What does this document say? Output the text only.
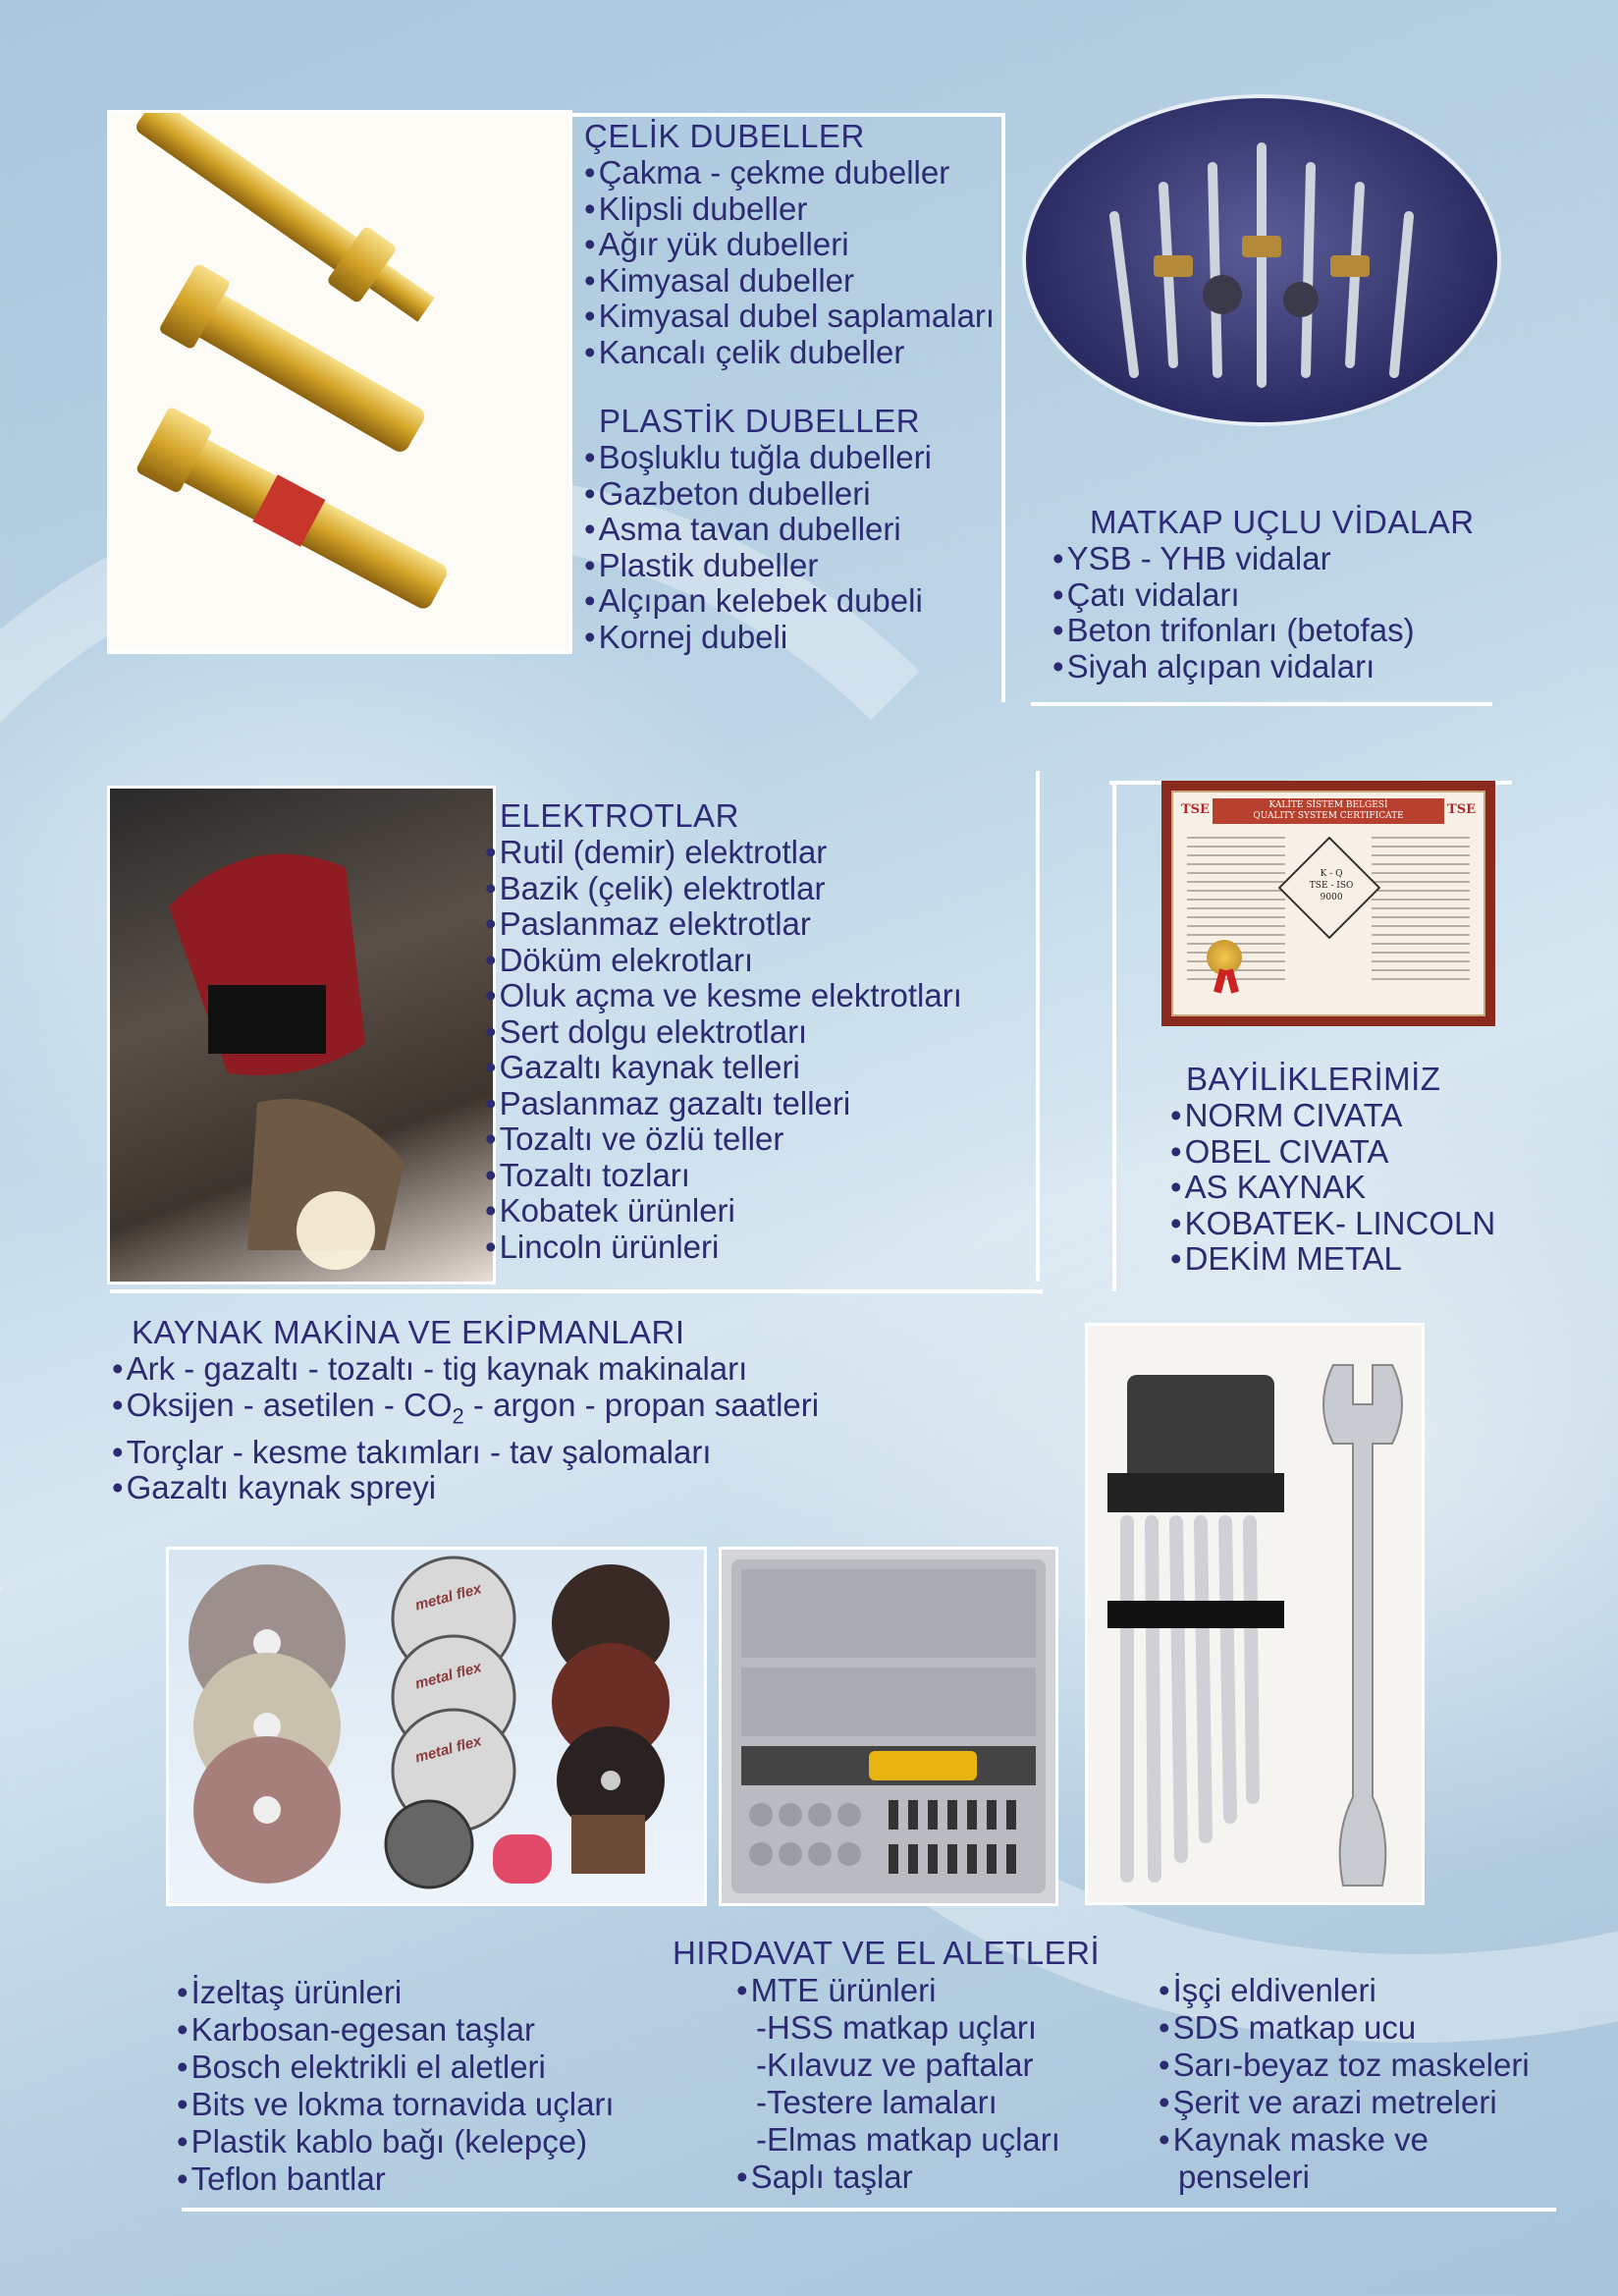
ÇELİK DUBELLER
• Çakma - çekme dubeller
• Klipsli dubeller
• Ağır yük dubelleri
• Kimyasal dubeller
• Kimyasal dubel saplamaları
• Kancalı çelik dubeller
PLASTİK DUBELLER
• Boşluklu tuğla dubelleri
• Gazbeton dubelleri
• Asma tavan dubelleri
• Plastik dubeller
• Alçıpan kelebek dubeli
• Kornej dubeli
MATKAP UÇLU VİDALAR
• YSB - YHB vidalar
• Çatı vidaları
• Beton trifonları (betofas)
• Siyah alçıpan vidaları
ELEKTROTLAR
• Rutil (demir) elektrotlar
• Bazik (çelik) elektrotlar
• Paslanmaz elektrotlar
• Döküm elekrotları
• Oluk açma ve kesme elektrotları
• Sert dolgu elektrotları
• Gazaltı kaynak telleri
• Paslanmaz gazaltı telleri
• Tozaltı ve özlü teller
• Tozaltı tozları
• Kobatek ürünleri
• Lincoln ürünleri
TSE	TSE
KALİTE SİSTEM BELGESİ
QUALITY SYSTEM CERTIFICATE
K - Q
TSE - ISO
9000
BAYİLİKLERİMİZ
• NORM CIVATA
• OBEL CIVATA
• AS KAYNAK
• KOBATEK- LINCOLN
• DEKİM METAL
KAYNAK MAKİNA VE EKİPMANLARI
• Ark - gazaltı - tozaltı - tig kaynak makinaları
• Oksijen - asetilen - $CO_2$ - argon - propan saatleri
• Torçlar - kesme takımları - tav şalomaları
• Gazaltı kaynak spreyi
metal flex
metal flex
metal flex
HIRDAVAT VE EL ALETLERİ
• İzeltaş ürünleri
• Karbosan-egesan taşlar
• Bosch elektrikli el aletleri
• Bits ve lokma tornavida uçları
• Plastik kablo bağı (kelepçe)
• Teflon bantlar
• MTE ürünleri
-HSS matkap uçları
-Kılavuz ve paftalar
-Testere lamaları
-Elmas matkap uçları
• Saplı taşlar
• İşçi eldivenleri
• SDS matkap ucu
• Sarı-beyaz toz maskeleri
• Şerit ve arazi metreleri
• Kaynak maske ve
penseleri
